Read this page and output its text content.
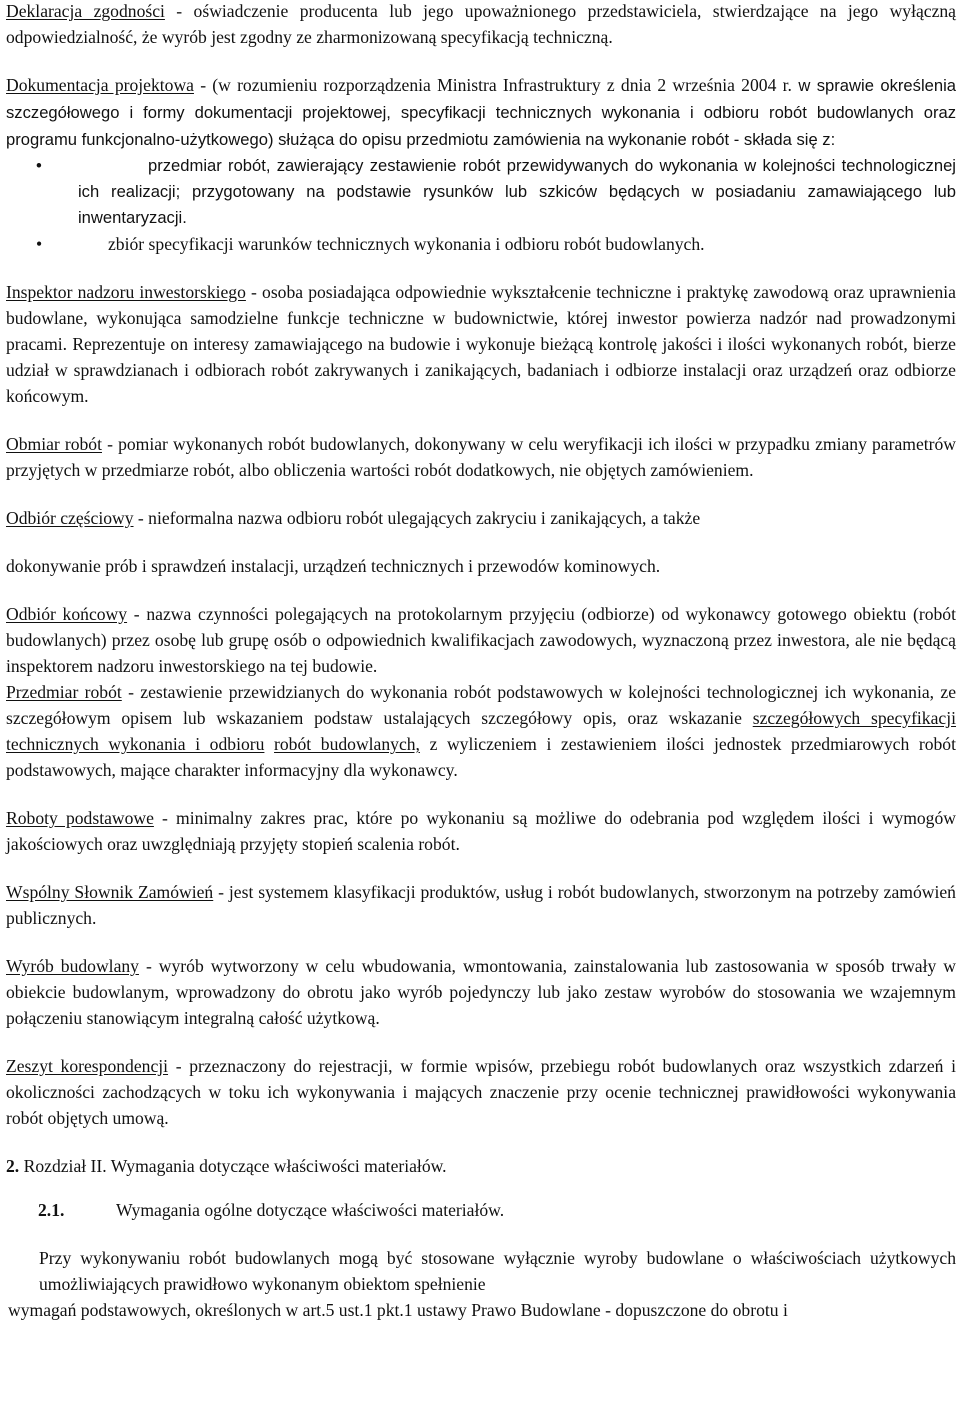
Deklaracja zgodności - oświadczenie producenta lub jego upoważnionego przedstawiciela, stwierdzające na jego wyłączną odpowiedzialność, że wyrób jest zgodny ze zharmonizowaną specyfikacją techniczną.

Dokumentacja projektowa - (w rozumieniu rozporządzenia Ministra Infrastruktury z dnia 2 września 2004 r. w sprawie określenia szczegółowego i formy dokumentacji projektowej, specyfikacji technicznych wykonania i odbioru robót budowlanych oraz programu funkcjonalno-użytkowego) służąca do opisu przedmiotu zamówienia na wykonanie robót - składa się z:

•	przedmiar robót, zawierający zestawienie robót przewidywanych do wykonania w kolejności technologicznej ich realizacji; przygotowany na podstawie rysunków lub szkiców będących w posiadaniu zamawiającego lub inwentaryzacji.

•	zbiór specyfikacji warunków technicznych wykonania i odbioru robót budowlanych.

Inspektor nadzoru inwestorskiego - osoba posiadająca odpowiednie wykształcenie techniczne i praktykę zawodową oraz uprawnienia budowlane, wykonująca samodzielne funkcje techniczne w budownictwie, której inwestor powierza nadzór nad prowadzonymi pracami. Reprezentuje on interesy zamawiającego na budowie i wykonuje bieżącą kontrolę jakości i ilości wykonanych robót, bierze udział w sprawdzianach i odbiorach robót zakrywanych i zanikających, badaniach i odbiorze instalacji oraz urządzeń oraz odbiorze końcowym.

Obmiar robót - pomiar wykonanych robót budowlanych, dokonywany w celu weryfikacji ich ilości w przypadku zmiany parametrów przyjętych w przedmiarze robót, albo obliczenia wartości robót dodatkowych, nie objętych zamówieniem.

Odbiór częściowy - nieformalna nazwa odbioru robót ulegających zakryciu i zanikających, a także

dokonywanie prób i sprawdzeń instalacji, urządzeń technicznych i przewodów kominowych.

Odbiór końcowy - nazwa czynności polegających na protokolarnym przyjęciu (odbiorze) od wykonawcy gotowego obiektu (robót budowlanych) przez osobę lub grupę osób o odpowiednich kwalifikacjach zawodowych, wyznaczoną przez inwestora, ale nie będącą inspektorem nadzoru inwestorskiego na tej budowie.

Przedmiar robót - zestawienie przewidzianych do wykonania robót podstawowych w kolejności technologicznej ich wykonania, ze szczegółowym opisem lub wskazaniem podstaw ustalających szczegółowy opis, oraz wskazanie szczegółowych specyfikacji technicznych wykonania i odbioru robót budowlanych, z wyliczeniem i zestawieniem ilości jednostek przedmiarowych robót podstawowych, mające charakter informacyjny dla wykonawcy.

Roboty podstawowe - minimalny zakres prac, które po wykonaniu są możliwe do odebrania pod względem ilości i wymogów jakościowych oraz uwzględniają przyjęty stopień scalenia robót.

Wspólny Słownik Zamówień - jest systemem klasyfikacji produktów, usług i robót budowlanych, stworzonym na potrzeby zamówień publicznych.

Wyrób budowlany - wyrób wytworzony w celu wbudowania, wmontowania, zainstalowania lub zastosowania w sposób trwały w obiekcie budowlanym, wprowadzony do obrotu jako wyrób pojedynczy lub jako zestaw wyrobów do stosowania we wzajemnym połączeniu stanowiącym integralną całość użytkową.

Zeszyt korespondencji - przeznaczony do rejestracji, w formie wpisów, przebiegu robót budowlanych oraz wszystkich zdarzeń i okoliczności zachodzących w toku ich wykonywania i mających znaczenie przy ocenie technicznej prawidłowości wykonywania robót objętych umową.

2. Rozdział II. Wymagania dotyczące właściwości materiałów.

2.1.	Wymagania ogólne dotyczące właściwości materiałów.

Przy wykonywaniu robót budowlanych mogą być stosowane wyłącznie wyroby budowlane o właściwościach użytkowych umożliwiających prawidłowo wykonanym obiektom spełnienie

wymagań podstawowych, określonych w art.5 ust.1 pkt.1 ustawy Prawo Budowlane - dopuszczone do obrotu i
